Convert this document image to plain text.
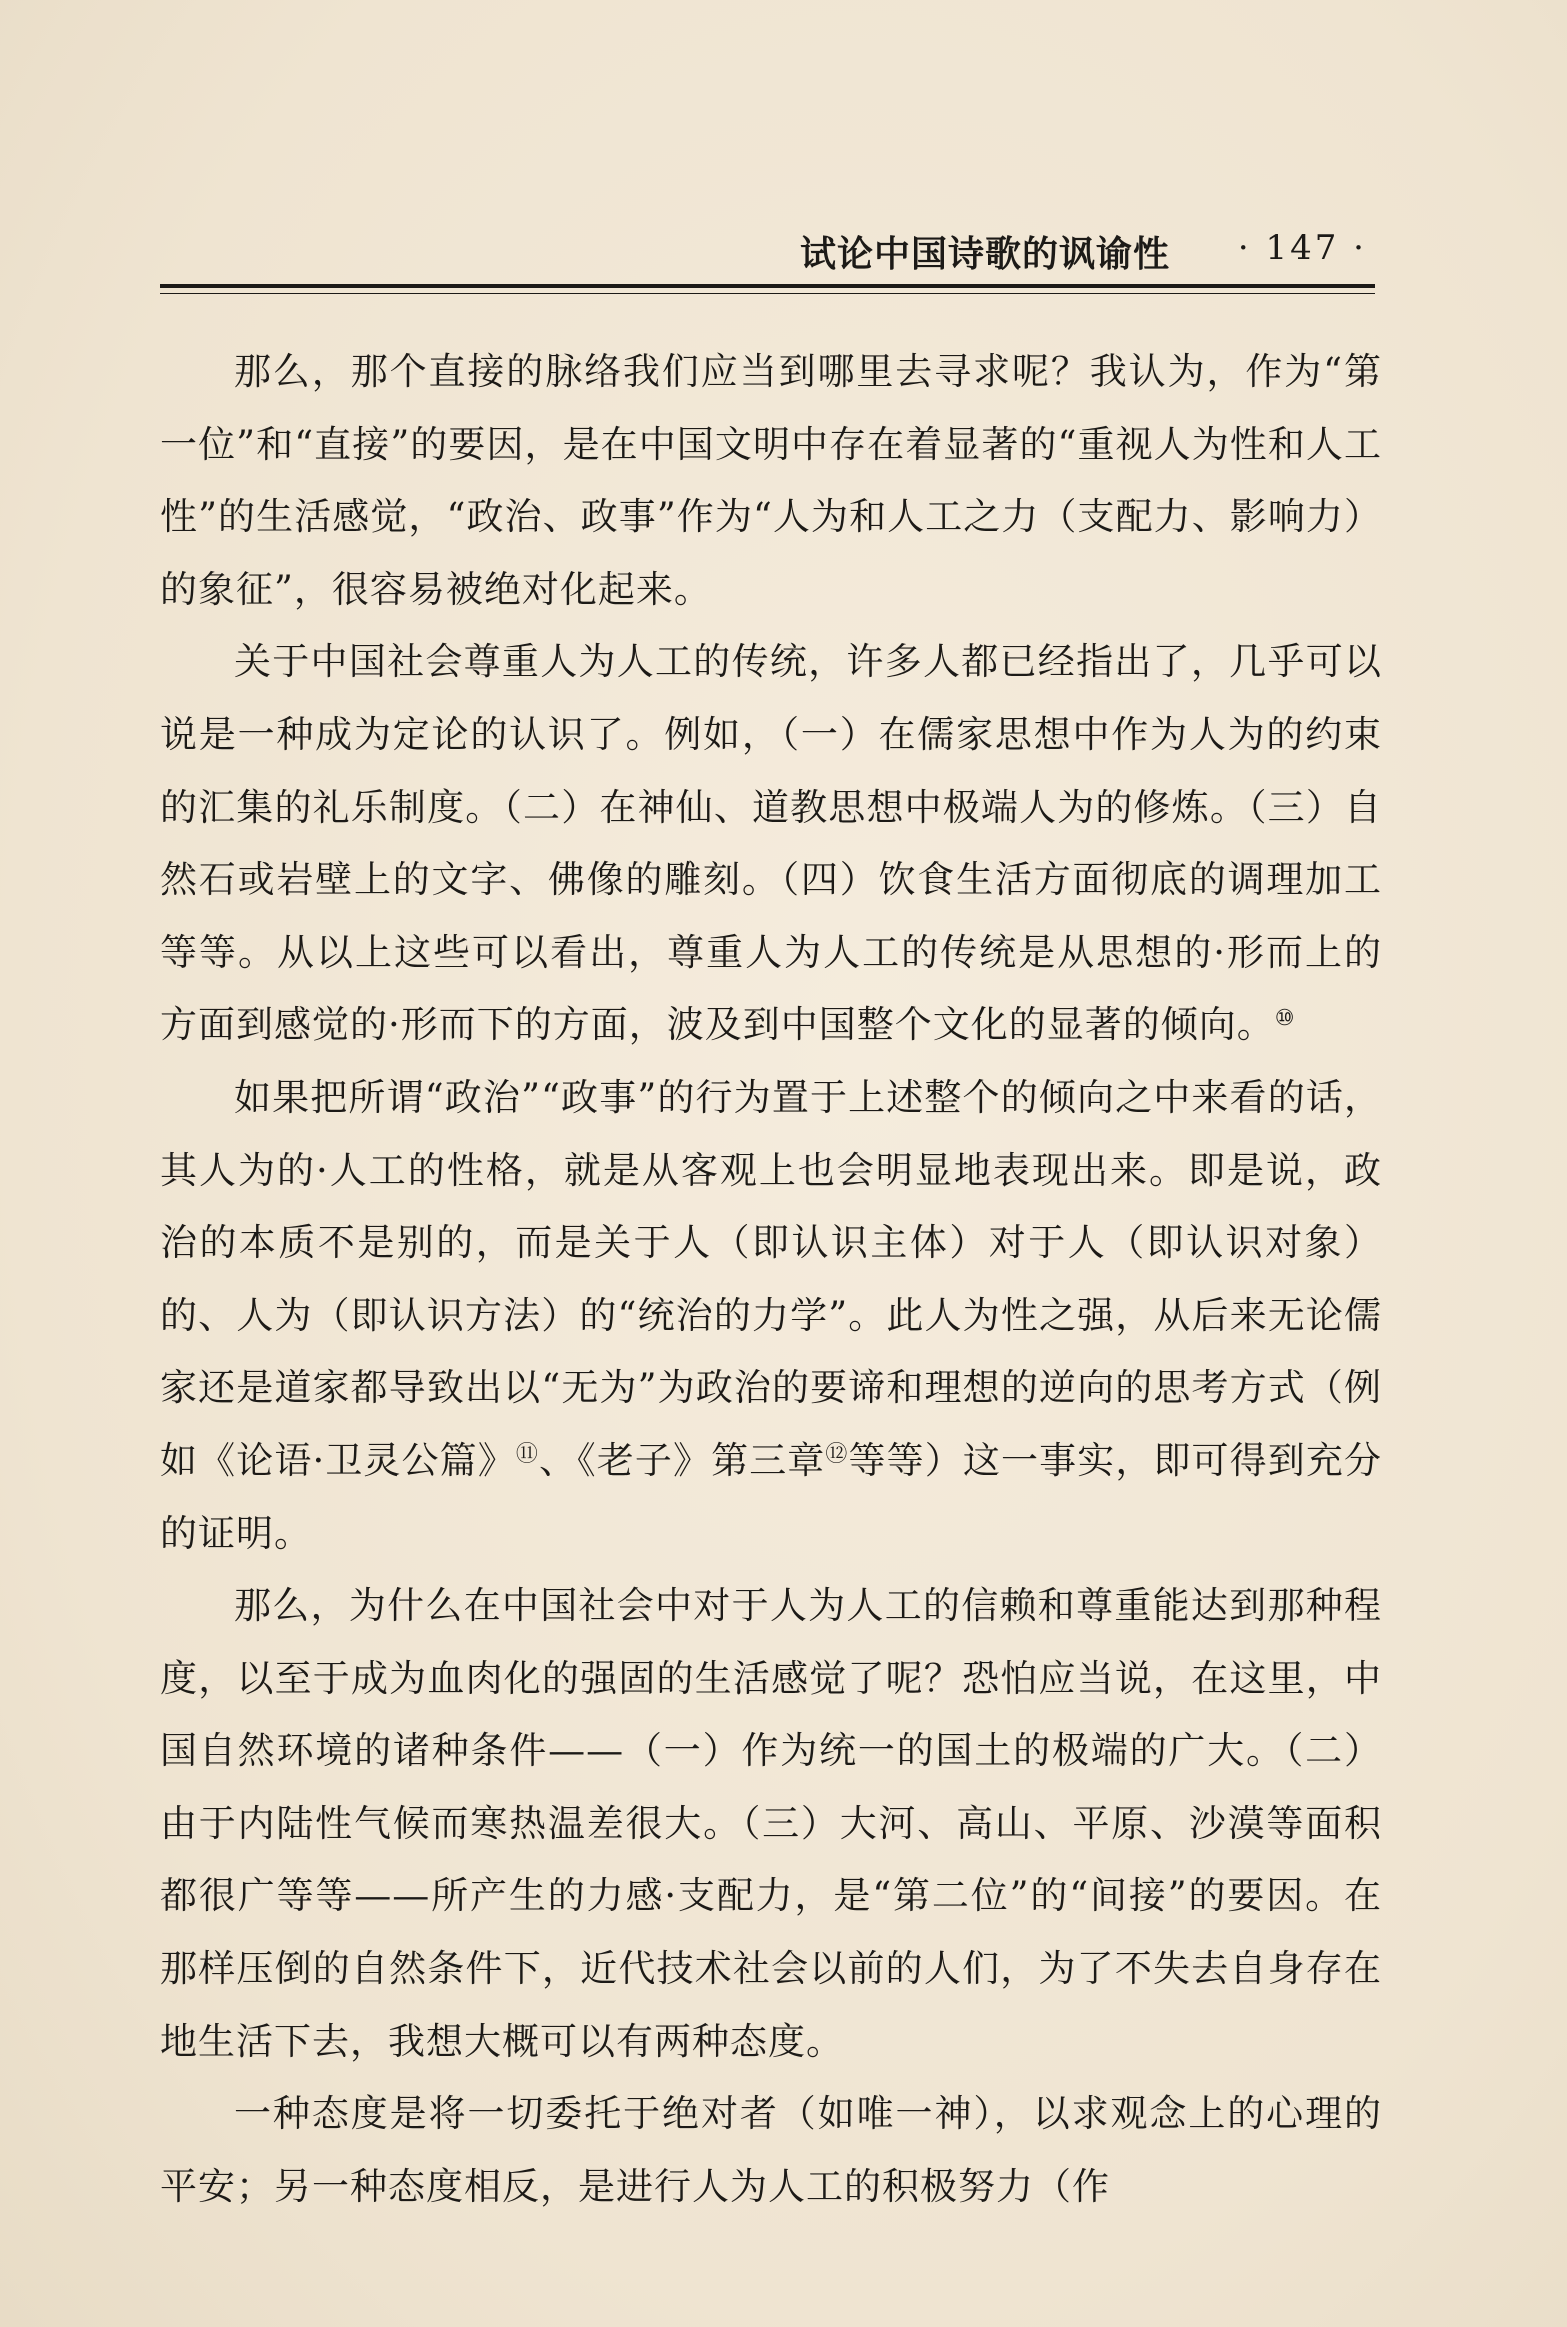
试论中国诗歌的讽谕性 · 147 ·

那么，那个直接的脉络我们应当到哪里去寻求呢？我认为，作为“第一位”和“直接”的要因，是在中国文明中存在着显著的“重视人为性和人工性”的生活感觉，“政治、政事”作为“人为和人工之力（支配力、影响力）的象征”，很容易被绝对化起来。

关于中国社会尊重人为人工的传统，许多人都已经指出了，几乎可以说是一种成为定论的认识了。例如，（一）在儒家思想中作为人为的约束的汇集的礼乐制度。（二）在神仙、道教思想中极端人为的修炼。（三）自然石或岩壁上的文字、佛像的雕刻。（四）饮食生活方面彻底的调理加工等等。从以上这些可以看出，尊重人为人工的传统是从思想的·形而上的方面到感觉的·形而下的方面，波及到中国整个文化的显著的倾向。⑩

如果把所谓“政治”“政事”的行为置于上述整个的倾向之中来看的话，其人为的·人工的性格，就是从客观上也会明显地表现出来。即是说，政治的本质不是别的，而是关于人（即认识主体）对于人（即认识对象）的、人为（即认识方法）的“统治的力学”。此人为性之强，从后来无论儒家还是道家都导致出以“无为”为政治的要谛和理想的逆向的思考方式（例如《论语·卫灵公篇》⑪、《老子》第三章⑫等等）这一事实，即可得到充分的证明。

那么，为什么在中国社会中对于人为人工的信赖和尊重能达到那种程度，以至于成为血肉化的强固的生活感觉了呢？恐怕应当说，在这里，中国自然环境的诸种条件——（一）作为统一的国土的极端的广大。（二）由于内陆性气候而寒热温差很大。（三）大河、高山、平原、沙漠等面积都很广等等——所产生的力感·支配力，是“第二位”的“间接”的要因。在那样压倒的自然条件下，近代技术社会以前的人们，为了不失去自身存在地生活下去，我想大概可以有两种态度。

一种态度是将一切委托于绝对者（如唯一神），以求观念上的心理的平安；另一种态度相反，是进行人为人工的积极努力（作
